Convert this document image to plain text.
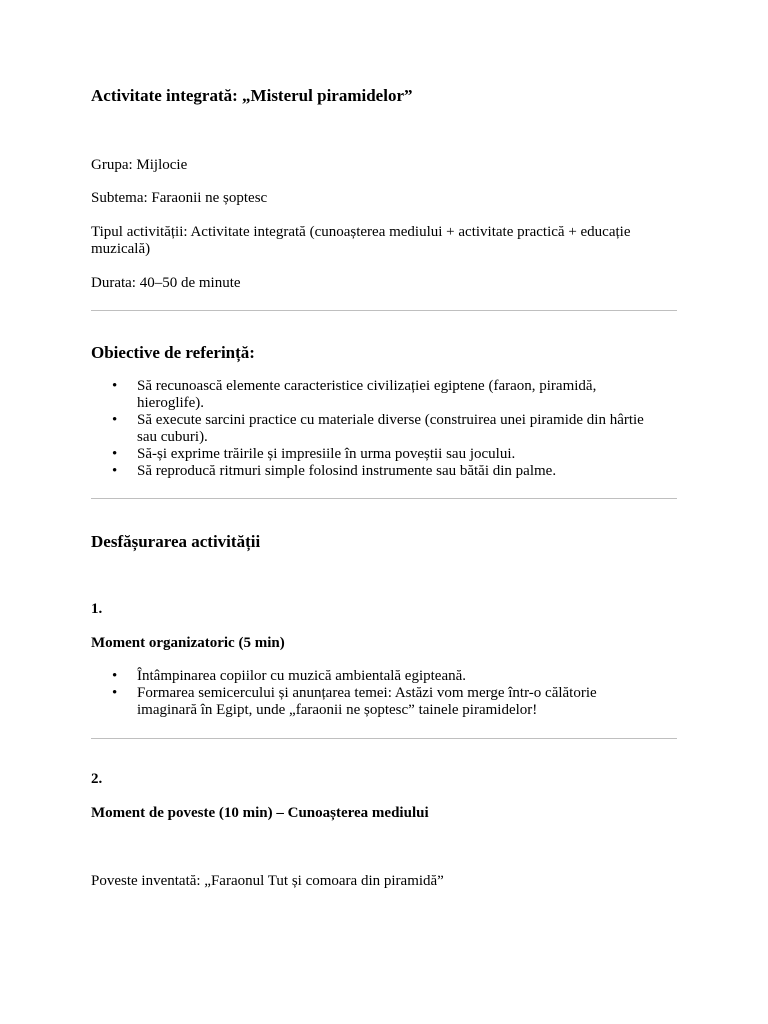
Activitate integrată: „Misterul piramidelor”
Grupa: Mijlocie
Subtema: Faraonii ne șoptesc
Tipul activității: Activitate integrată (cunoașterea mediului + activitate practică + educație muzicală)
Durata: 40–50 de minute
Obiective de referință:
• Să recunoască elemente caracteristice civilizației egiptene (faraon, piramidă, hieroglife).
• Să execute sarcini practice cu materiale diverse (construirea unei piramide din hârtie sau cuburi).
• Să-și exprime trăirile și impresiile în urma poveștii sau jocului.
• Să reproducă ritmuri simple folosind instrumente sau bătăi din palme.
Desfășurarea activității
1.
Moment organizatoric (5 min)
• Întâmpinarea copiilor cu muzică ambientală egipteană.
• Formarea semicercului și anunțarea temei: Astăzi vom merge într-o călătorie imaginară în Egipt, unde „faraonii ne șoptesc” tainele piramidelor!
2.
Moment de poveste (10 min) – Cunoașterea mediului
Poveste inventată: „Faraonul Tut și comoara din piramidă”
